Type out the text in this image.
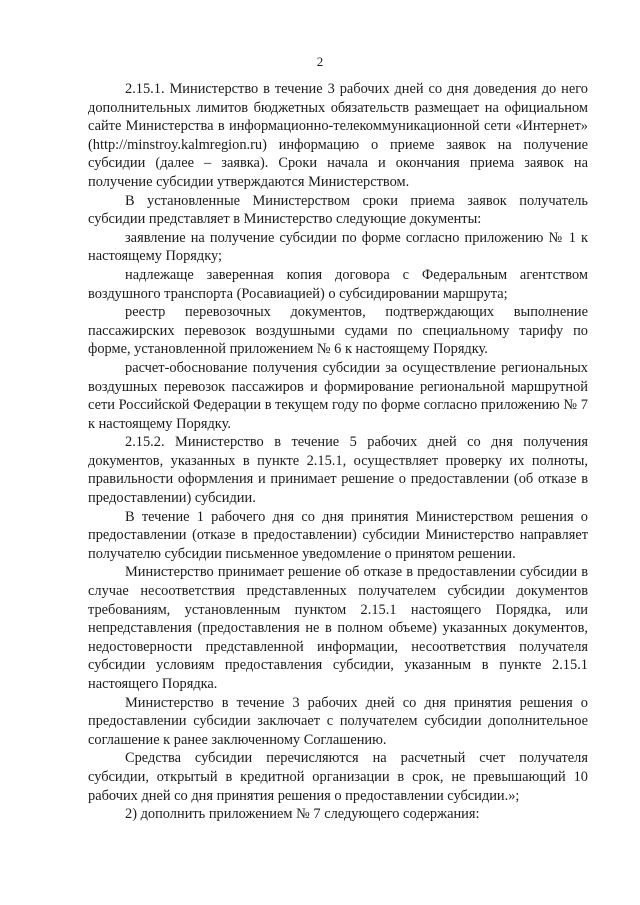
2

2.15.1. Министерство в течение 3 рабочих дней со дня доведения до него дополнительных лимитов бюджетных обязательств размещает на официальном сайте Министерства в информационно-телекоммуникационной сети «Интернет» (http://minstroy.kalmregion.ru) информацию о приеме заявок на получение субсидии (далее – заявка). Сроки начала и окончания приема заявок на получение субсидии утверждаются Министерством.

В установленные Министерством сроки приема заявок получатель субсидии представляет в Министерство следующие документы:

заявление на получение субсидии по форме согласно приложению № 1 к настоящему Порядку;

надлежаще заверенная копия договора с Федеральным агентством воздушного транспорта (Росавиацией) о субсидировании маршрута;

реестр перевозочных документов, подтверждающих выполнение пассажирских перевозок воздушными судами по специальному тарифу по форме, установленной приложением № 6 к настоящему Порядку.

расчет-обоснование получения субсидии за осуществление региональных воздушных перевозок пассажиров и формирование региональной маршрутной сети Российской Федерации в текущем году по форме согласно приложению № 7 к настоящему Порядку.

2.15.2. Министерство в течение 5 рабочих дней со дня получения документов, указанных в пункте 2.15.1, осуществляет проверку их полноты, правильности оформления и принимает решение о предоставлении (об отказе в предоставлении) субсидии.

В течение 1 рабочего дня со дня принятия Министерством решения о предоставлении (отказе в предоставлении) субсидии Министерство направляет получателю субсидии письменное уведомление о принятом решении.

Министерство принимает решение об отказе в предоставлении субсидии в случае несоответствия представленных получателем субсидии документов требованиям, установленным пунктом 2.15.1 настоящего Порядка, или непредставления (предоставления не в полном объеме) указанных документов, недостоверности представленной информации, несоответствия получателя субсидии условиям предоставления субсидии, указанным в пункте 2.15.1 настоящего Порядка.

Министерство в течение 3 рабочих дней со дня принятия решения о предоставлении субсидии заключает с получателем субсидии дополнительное соглашение к ранее заключенному Соглашению.

Средства субсидии перечисляются на расчетный счет получателя субсидии, открытый в кредитной организации в срок, не превышающий 10 рабочих дней со дня принятия решения о предоставлении субсидии.»;

2) дополнить приложением № 7 следующего содержания:
